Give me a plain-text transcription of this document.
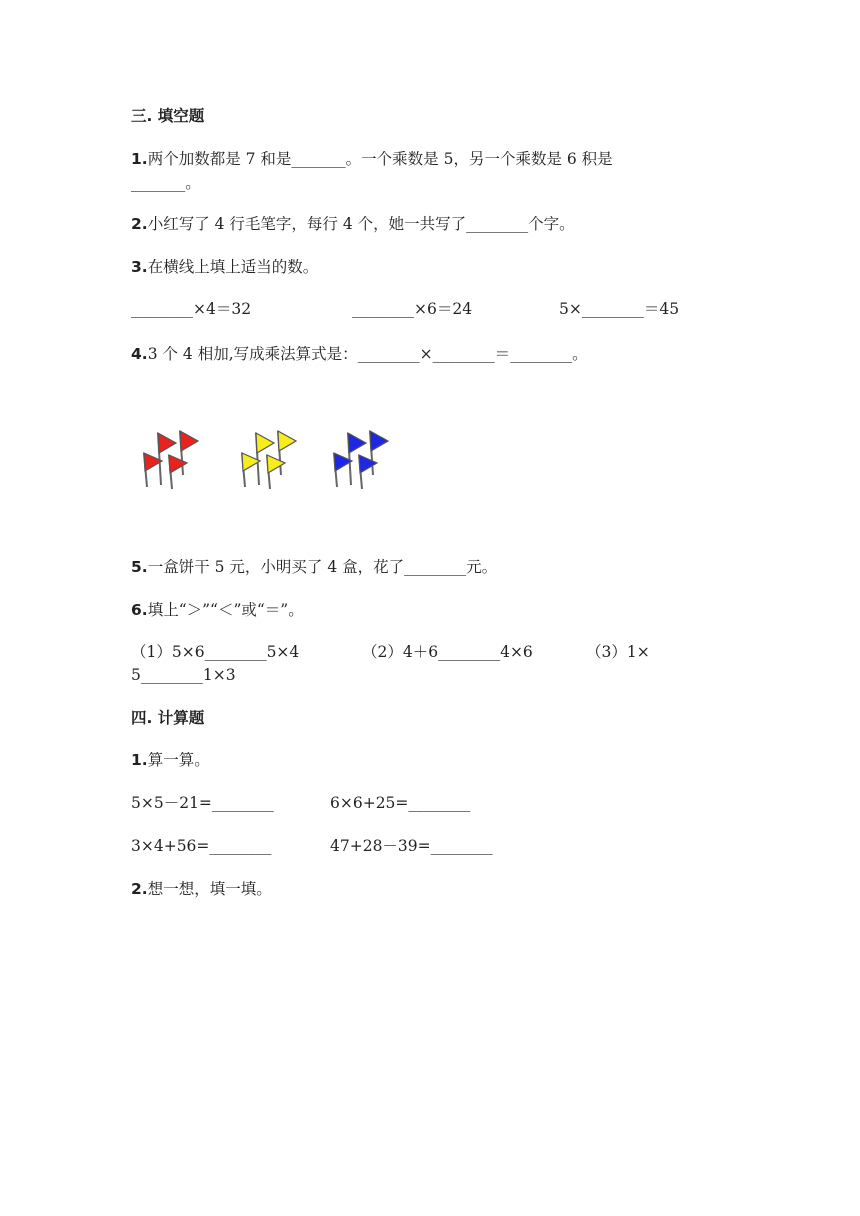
三. 填空题
1.两个加数都是 7 和是_______。一个乘数是 5，另一个乘数是 6 积是
_______。
2.小红写了 4 行毛笔字，每行 4 个，她一共写了________个字。
3.在横线上填上适当的数。
________×4＝32	________×6＝24	5×________＝45
4.3 个 4 相加,写成乘法算式是：________×________＝________。
5.一盒饼干 5 元，小明买了 4 盒，花了________元。
6.填上“＞”“＜”或“＝”。
（1）5×6________5×4	（2）4＋6________4×6	（3）1×
5________1×3
四. 计算题
1.算一算。
5×5－21=________	6×6+25=________
3×4+56=________	47+28－39=________
2.想一想，填一填。
